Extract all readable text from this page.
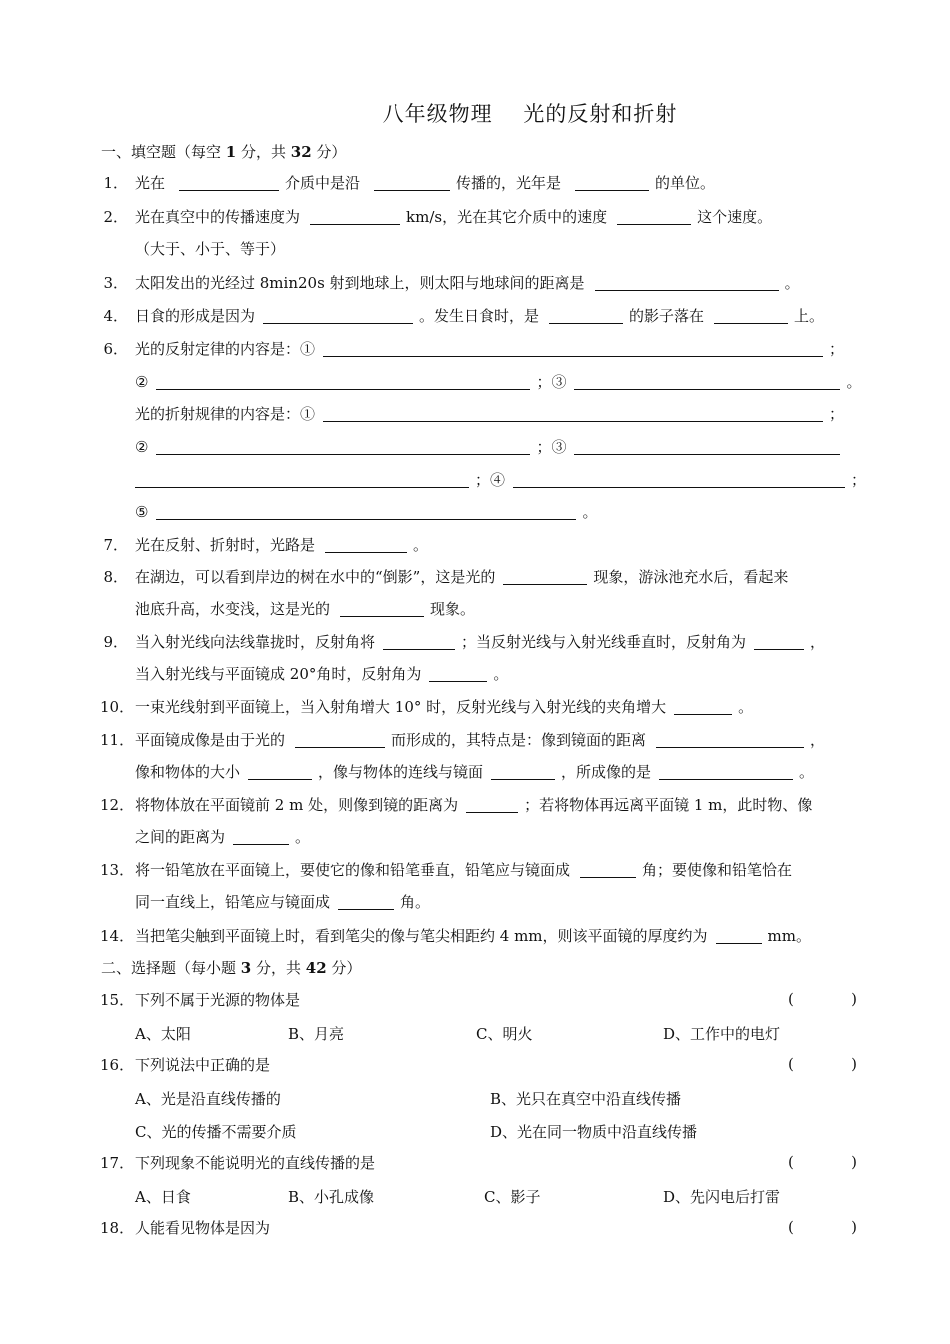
八年级物理    光的反射和折射
一、填空题（每空 1 分，共 32 分）
1． 光在	介质中是沿	传播的，光年是	的单位。
2． 光在真空中的传播速度为	km/s，光在其它介质中的速度	这个速度。
（大于、小于、等于）
3． 太阳发出的光经过 8min20s 射到地球上，则太阳与地球间的距离是	。
4． 日食的形成是因为	。发生日食时，是	的影子落在	上。
6． 光的反射定律的内容是：①	；
②	；③	。
光的折射规律的内容是：①	；
②	；③
；④	；
⑤	。
7． 光在反射、折射时，光路是	。
8． 在湖边，可以看到岸边的树在水中的“倒影”，这是光的	现象，游泳池充水后，看起来
池底升高，水变浅，这是光的	现象。
9． 当入射光线向法线靠拢时，反射角将	；当反射光线与入射光线垂直时，反射角为	，
当入射光线与平面镜成 20°角时，反射角为	。
10． 一束光线射到平面镜上，当入射角增大 10° 时，反射光线与入射光线的夹角增大	。
11． 平面镜成像是由于光的	而形成的，其特点是：像到镜面的距离	，
像和物体的大小	，像与物体的连线与镜面	，所成像的是	。
12． 将物体放在平面镜前 2 m 处，则像到镜的距离为	；若将物体再远离平面镜 1 m，此时物、像
之间的距离为	。
13． 将一铅笔放在平面镜上，要使它的像和铅笔垂直，铅笔应与镜面成	角；要使像和铅笔恰在
同一直线上，铅笔应与镜面成	角。
14． 当把笔尖触到平面镜上时，看到笔尖的像与笔尖相距约 4 mm，则该平面镜的厚度约为	mm。
二、选择题（每小题 3 分，共 42 分）
15． 下列不属于光源的物体是	(            )
A、太阳	B、月亮	C、明火	D、工作中的电灯
16． 下列说法中正确的是	(            )
A、光是沿直线传播的	B、光只在真空中沿直线传播
C、光的传播不需要介质	D、光在同一物质中沿直线传播
17． 下列现象不能说明光的直线传播的是	(            )
A、日食	B、小孔成像	C、影子	D、先闪电后打雷
18． 人能看见物体是因为	(            )
